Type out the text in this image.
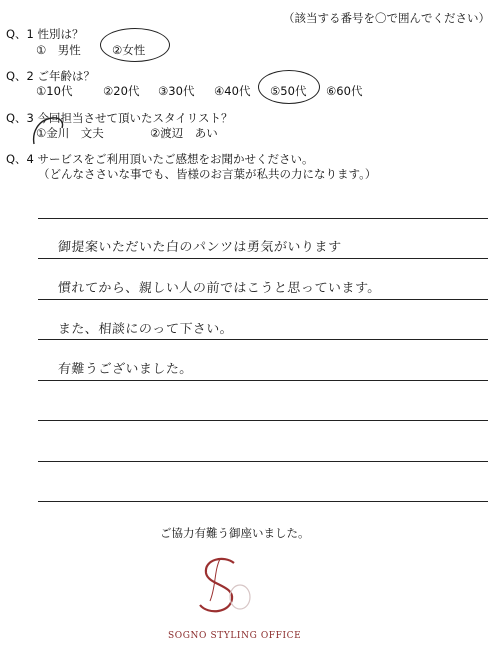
（該当する番号を〇で囲んでください）
Q、1 性別は？
①　男性	②女性
Q、2 ご年齢は？
①10代	②20代 ③30代 ④40代 ⑤50代 ⑥60代
Q、3 今回担当させて頂いたスタイリスト？
①金川　文夫	②渡辺　あい
Q、4 サービスをご利用頂いたご感想をお聞かせください。
（どんなささいな事でも、皆様のお言葉が私共の力になります。）
御提案いただいた白のパンツは勇気がいります
慣れてから、親しい人の前ではこうと思っています。
また、相談にのって下さい。
有難うございました。
ご協力有難う御座いました。
SOGNO STYLING OFFICE
